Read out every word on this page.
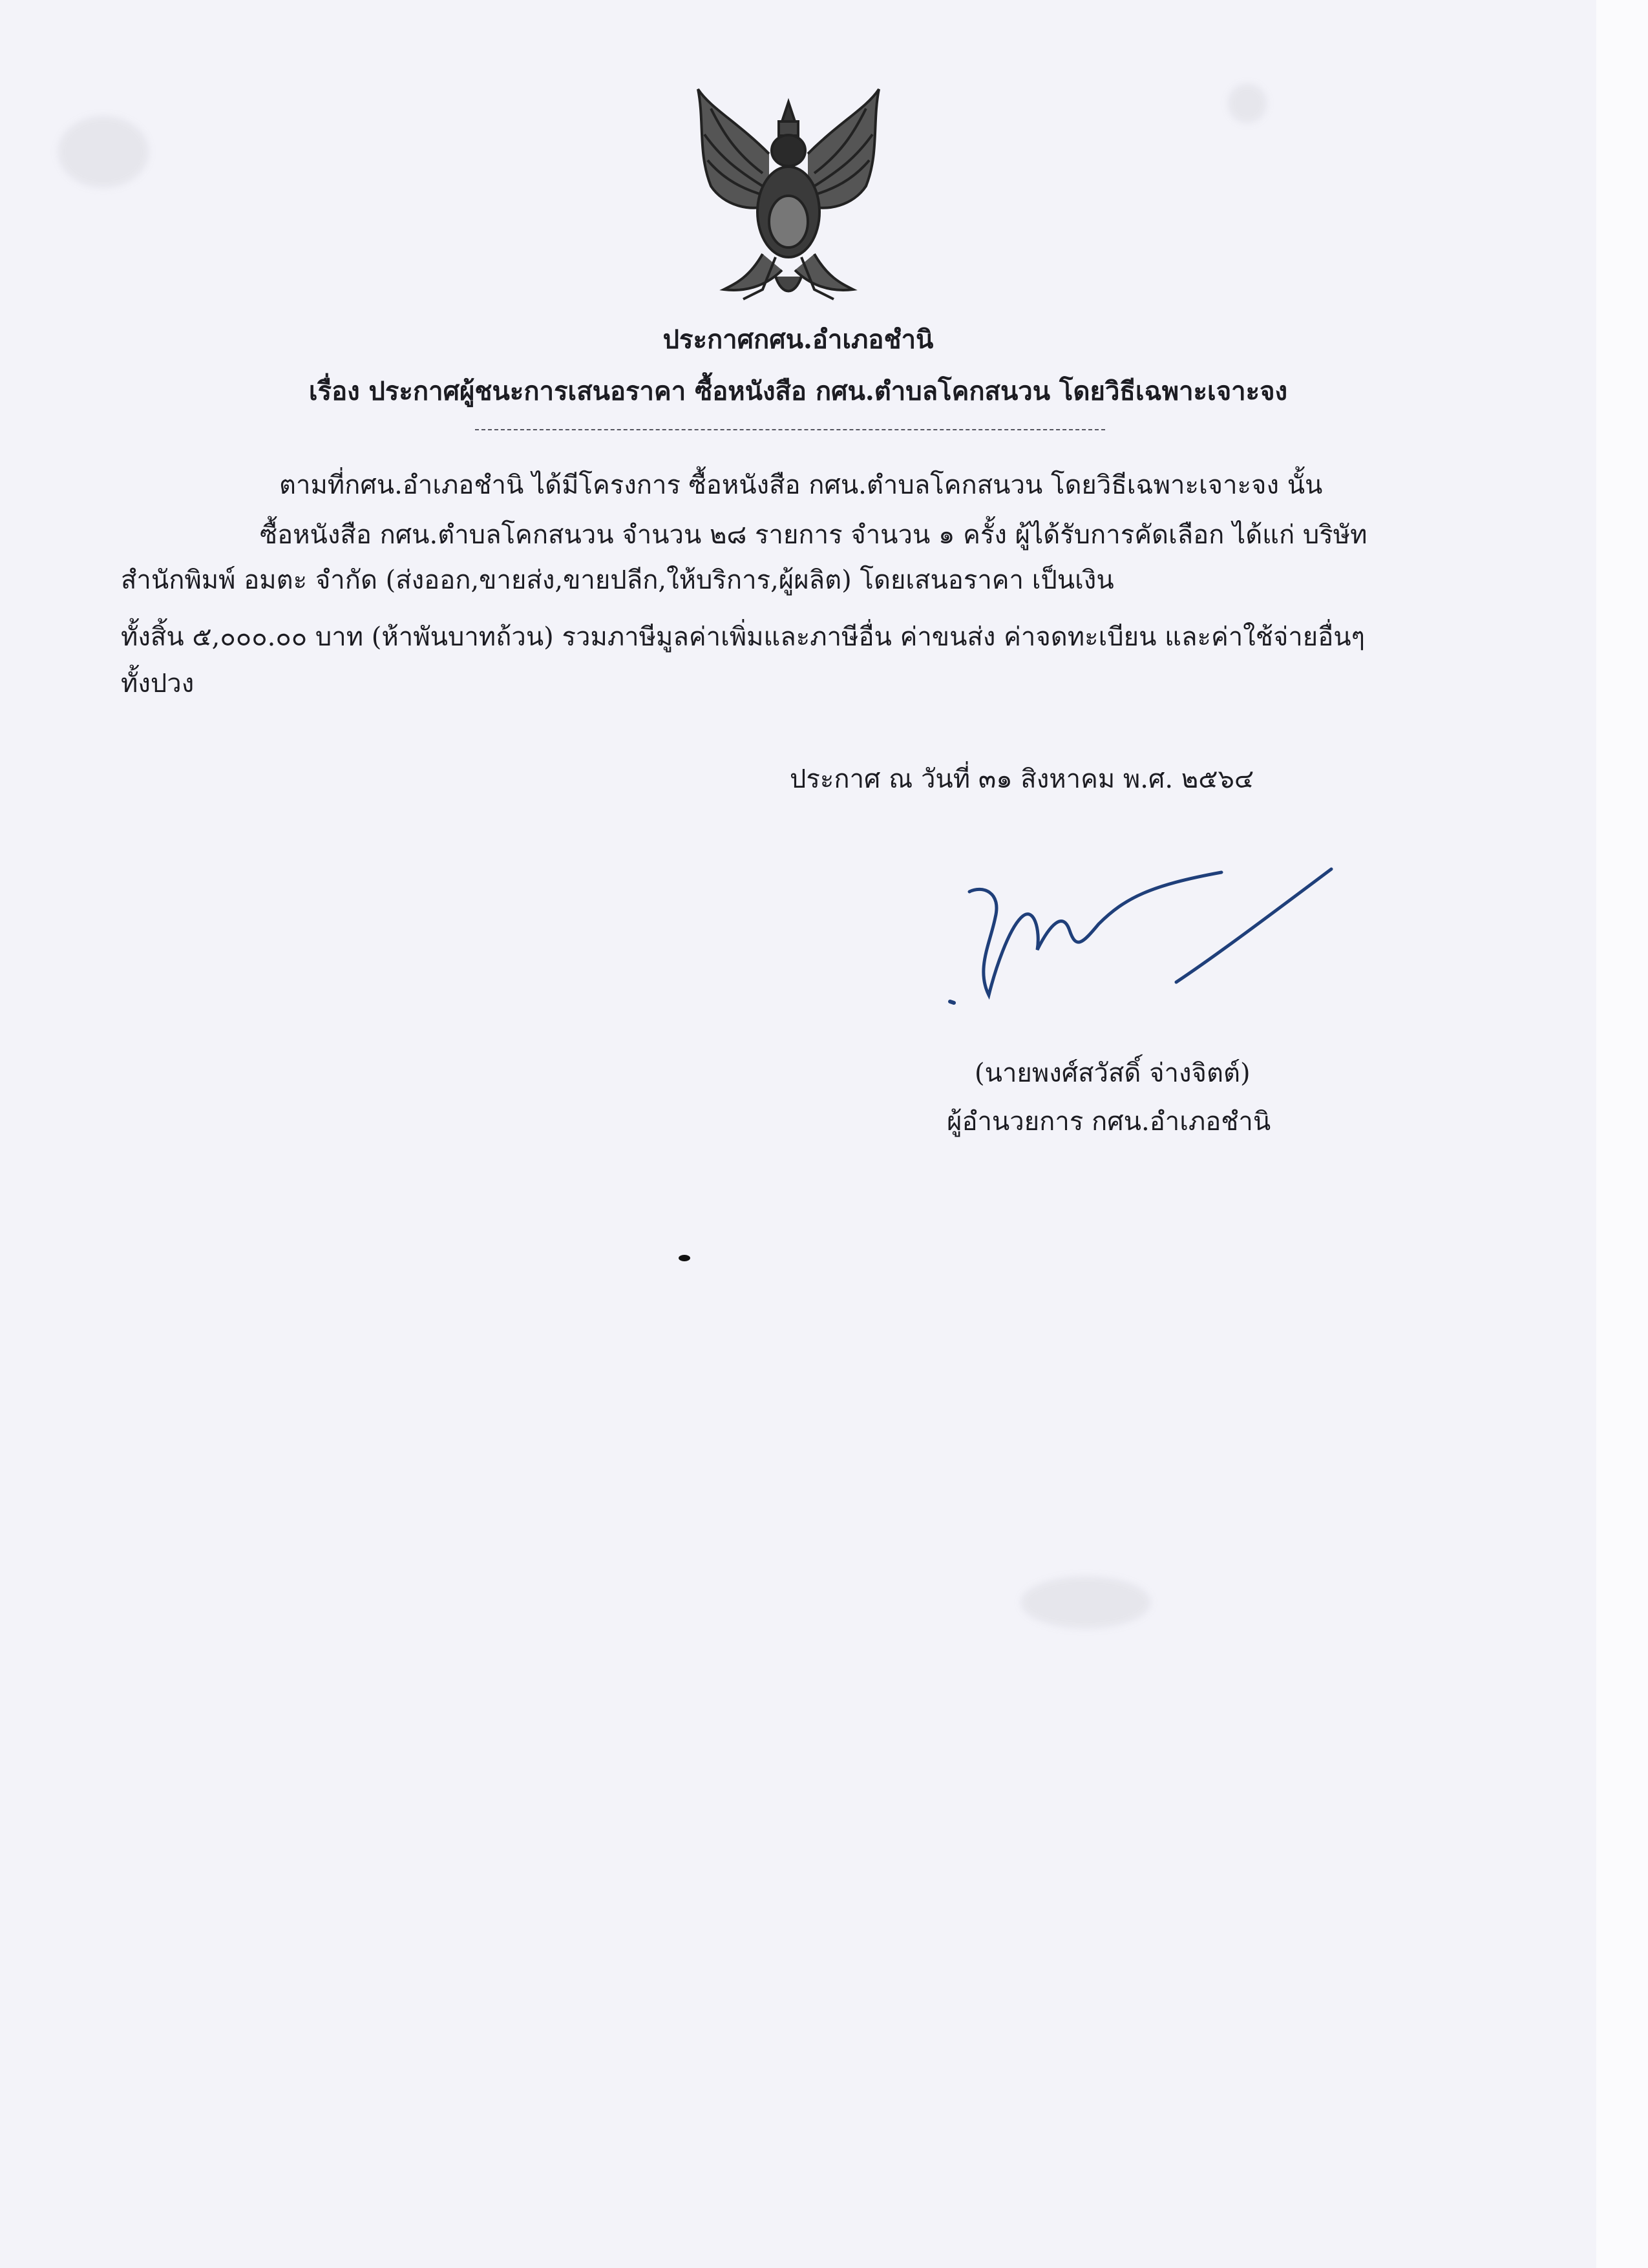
ประกาศกศน.อำเภอชำนิ
เรื่อง ประกาศผู้ชนะการเสนอราคา ซื้อหนังสือ กศน.ตำบลโคกสนวน โดยวิธีเฉพาะเจาะจง
ตามที่กศน.อำเภอชำนิ ได้มีโครงการ ซื้อหนังสือ กศน.ตำบลโคกสนวน โดยวิธีเฉพาะเจาะจง นั้น
ซื้อหนังสือ กศน.ตำบลโคกสนวน จำนวน ๒๘ รายการ จำนวน ๑ ครั้ง ผู้ได้รับการคัดเลือก ได้แก่ บริษัท
สำนักพิมพ์ อมตะ จำกัด (ส่งออก,ขายส่ง,ขายปลีก,ให้บริการ,ผู้ผลิต) โดยเสนอราคา เป็นเงิน
ทั้งสิ้น ๕,๐๐๐.๐๐ บาท (ห้าพันบาทถ้วน) รวมภาษีมูลค่าเพิ่มและภาษีอื่น ค่าขนส่ง ค่าจดทะเบียน และค่าใช้จ่ายอื่นๆ
ทั้งปวง
ประกาศ ณ วันที่ ๓๑ สิงหาคม พ.ศ. ๒๕๖๔
(นายพงศ์สวัสดิ์ จ่างจิตต์)
ผู้อำนวยการ กศน.อำเภอชำนิ
